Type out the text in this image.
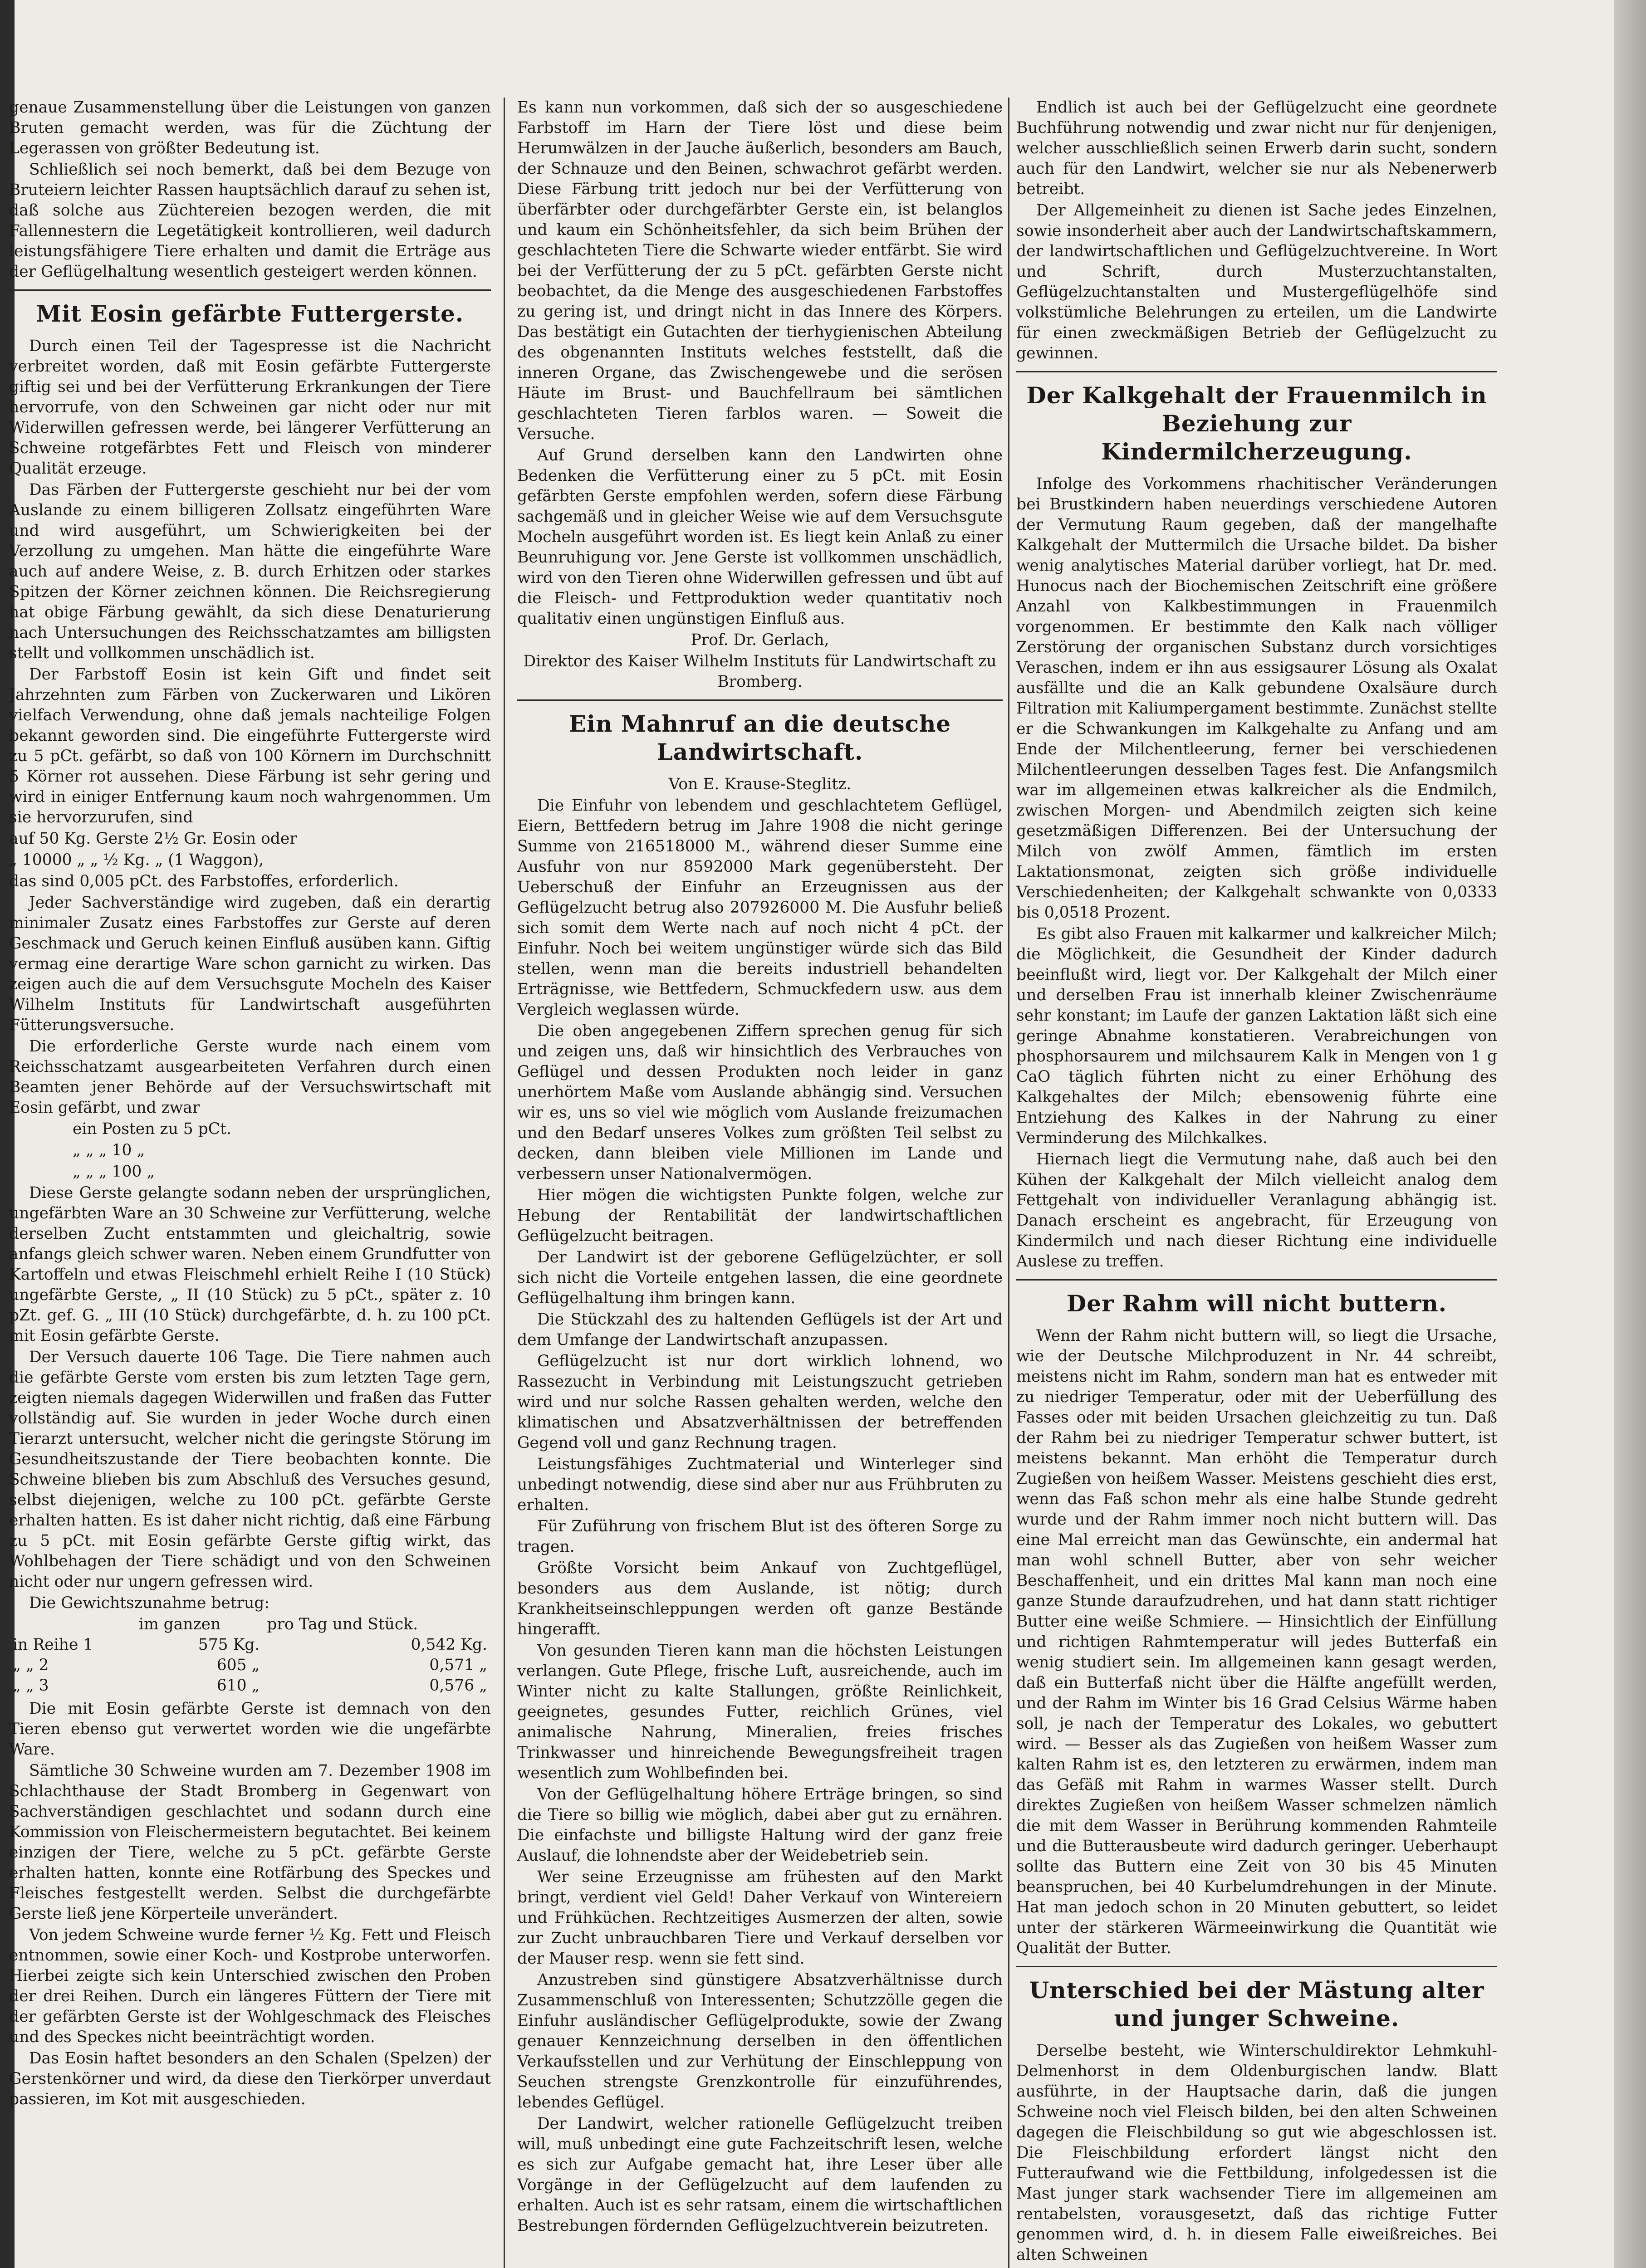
genaue Zusammenstellung über die Leistungen von ganzen Bruten gemacht werden, was für die Züchtung der Legerassen von größter Bedeutung ist.

Schließlich sei noch bemerkt, daß bei dem Bezuge von Bruteiern leichter Rassen hauptsächlich darauf zu sehen ist, daß solche aus Züchtereien bezogen werden, die mit Fallennestern die Legetätigkeit kontrollieren, weil dadurch leistungsfähigere Tiere erhalten und damit die Erträge aus der Geflügelhaltung wesentlich gesteigert werden können.

Mit Eosin gefärbte Futtergerste.

Durch einen Teil der Tagespresse ist die Nachricht verbreitet worden, daß mit Eosin gefärbte Futtergerste giftig sei und bei der Verfütterung Erkrankungen der Tiere hervorrufe, von den Schweinen gar nicht oder nur mit Widerwillen gefressen werde, bei längerer Verfütterung an Schweine rotgefärbtes Fett und Fleisch von minderer Qualität erzeuge.

Das Färben der Futtergerste geschieht nur bei der vom Auslande zu einem billigeren Zollsatz eingeführten Ware und wird ausgeführt, um Schwierigkeiten bei der Verzollung zu umgehen. Man hätte die eingeführte Ware auch auf andere Weise, z. B. durch Erhitzen oder starkes Spitzen der Körner zeichnen können. Die Reichsregierung hat obige Färbung gewählt, da sich diese Denaturierung nach Untersuchungen des Reichsschatzamtes am billigsten stellt und vollkommen unschädlich ist.

Der Farbstoff Eosin ist kein Gift und findet seit Jahrzehnten zum Färben von Zuckerwaren und Likören vielfach Verwendung, ohne daß jemals nachteilige Folgen bekannt geworden sind. Die eingeführte Futtergerste wird zu 5 pCt. gefärbt, so daß von 100 Körnern im Durchschnitt 5 Körner rot aussehen. Diese Färbung ist sehr gering und wird in einiger Entfernung kaum noch wahrgenommen. Um sie hervorzurufen, sind

auf 50 Kg. Gerste 2½ Gr. Eosin oder

„ 10000 „ „ ½ Kg. „ (1 Waggon),

das sind 0,005 pCt. des Farbstoffes, erforderlich.

Jeder Sachverständige wird zugeben, daß ein derartig minimaler Zusatz eines Farbstoffes zur Gerste auf deren Geschmack und Geruch keinen Einfluß ausüben kann. Giftig vermag eine derartige Ware schon garnicht zu wirken. Das zeigen auch die auf dem Versuchsgute Mocheln des Kaiser Wilhelm Instituts für Landwirtschaft ausgeführten Fütterungsversuche.

Die erforderliche Gerste wurde nach einem vom Reichsschatzamt ausgearbeiteten Verfahren durch einen Beamten jener Behörde auf der Versuchswirtschaft mit Eosin gefärbt, und zwar

ein Posten zu 5 pCt.

„ „ „ 10 „

„ „ „ 100 „

Diese Gerste gelangte sodann neben der ursprünglichen, ungefärbten Ware an 30 Schweine zur Verfütterung, welche derselben Zucht entstammten und gleichaltrig, sowie anfangs gleich schwer waren. Neben einem Grundfutter von Kartoffeln und etwas Fleischmehl erhielt Reihe I (10 Stück) ungefärbte Gerste, „ II (10 Stück) zu 5 pCt., später z. 10 pZt. gef. G. „ III (10 Stück) durchgefärbte, d. h. zu 100 pCt. mit Eosin gefärbte Gerste.

Der Versuch dauerte 106 Tage. Die Tiere nahmen auch die gefärbte Gerste vom ersten bis zum letzten Tage gern, zeigten niemals dagegen Widerwillen und fraßen das Futter vollständig auf. Sie wurden in jeder Woche durch einen Tierarzt untersucht, welcher nicht die geringste Störung im Gesundheitszustande der Tiere beobachten konnte. Die Schweine blieben bis zum Abschluß des Versuches gesund, selbst diejenigen, welche zu 100 pCt. gefärbte Gerste erhalten hatten. Es ist daher nicht richtig, daß eine Färbung zu 5 pCt. mit Eosin gefärbte Gerste giftig wirkt, das Wohlbehagen der Tiere schädigt und von den Schweinen nicht oder nur ungern gefressen wird.

Die Gewichtszunahme betrug:

	im ganzen	pro Tag und Stück.
in Reihe 1	575 Kg.	0,542 Kg.
„ „ 2	605 „	0,571 „
„ „ 3	610 „	0,576 „

Die mit Eosin gefärbte Gerste ist demnach von den Tieren ebenso gut verwertet worden wie die ungefärbte Ware.

Sämtliche 30 Schweine wurden am 7. Dezember 1908 im Schlachthause der Stadt Bromberg in Gegenwart von Sachverständigen geschlachtet und sodann durch eine Kommission von Fleischermeistern begutachtet. Bei keinem einzigen der Tiere, welche zu 5 pCt. gefärbte Gerste erhalten hatten, konnte eine Rotfärbung des Speckes und Fleisches festgestellt werden. Selbst die durchgefärbte Gerste ließ jene Körperteile unverändert.

Von jedem Schweine wurde ferner ½ Kg. Fett und Fleisch entnommen, sowie einer Koch- und Kostprobe unterworfen. Hierbei zeigte sich kein Unterschied zwischen den Proben der drei Reihen. Durch ein längeres Füttern der Tiere mit der gefärbten Gerste ist der Wohlgeschmack des Fleisches und des Speckes nicht beeinträchtigt worden.

Das Eosin haftet besonders an den Schalen (Spelzen) der Gerstenkörner und wird, da diese den Tierkörper unverdaut passieren, im Kot mit ausgeschieden.

Es kann nun vorkommen, daß sich der so ausgeschiedene Farbstoff im Harn der Tiere löst und diese beim Herumwälzen in der Jauche äußerlich, besonders am Bauch, der Schnauze und den Beinen, schwachrot gefärbt werden. Diese Färbung tritt jedoch nur bei der Verfütterung von überfärbter oder durchgefärbter Gerste ein, ist belanglos und kaum ein Schönheitsfehler, da sich beim Brühen der geschlachteten Tiere die Schwarte wieder entfärbt. Sie wird bei der Verfütterung der zu 5 pCt. gefärbten Gerste nicht beobachtet, da die Menge des ausgeschiedenen Farbstoffes zu gering ist, und dringt nicht in das Innere des Körpers. Das bestätigt ein Gutachten der tierhygienischen Abteilung des obgenannten Instituts welches feststellt, daß die inneren Organe, das Zwischengewebe und die serösen Häute im Brust- und Bauchfellraum bei sämtlichen geschlachteten Tieren farblos waren. — Soweit die Versuche.

Auf Grund derselben kann den Landwirten ohne Bedenken die Verfütterung einer zu 5 pCt. mit Eosin gefärbten Gerste empfohlen werden, sofern diese Färbung sachgemäß und in gleicher Weise wie auf dem Versuchsgute Mocheln ausgeführt worden ist. Es liegt kein Anlaß zu einer Beunruhigung vor. Jene Gerste ist vollkommen unschädlich, wird von den Tieren ohne Widerwillen gefressen und übt auf die Fleisch- und Fettproduktion weder quantitativ noch qualitativ einen ungünstigen Einfluß aus.

Prof. Dr. Gerlach,

Direktor des Kaiser Wilhelm Instituts für Landwirtschaft zu Bromberg.

Ein Mahnruf an die deutsche Landwirtschaft.

Von E. Krause-Steglitz.

Die Einfuhr von lebendem und geschlachtetem Geflügel, Eiern, Bettfedern betrug im Jahre 1908 die nicht geringe Summe von 216518000 M., während dieser Summe eine Ausfuhr von nur 8592000 Mark gegenübersteht. Der Ueberschuß der Einfuhr an Erzeugnissen aus der Geflügelzucht betrug also 207926000 M. Die Ausfuhr beließ sich somit dem Werte nach auf noch nicht 4 pCt. der Einfuhr. Noch bei weitem ungünstiger würde sich das Bild stellen, wenn man die bereits industriell behandelten Erträgnisse, wie Bettfedern, Schmuckfedern usw. aus dem Vergleich weglassen würde.

Die oben angegebenen Ziffern sprechen genug für sich und zeigen uns, daß wir hinsichtlich des Verbrauches von Geflügel und dessen Produkten noch leider in ganz unerhörtem Maße vom Auslande abhängig sind. Versuchen wir es, uns so viel wie möglich vom Auslande freizumachen und den Bedarf unseres Volkes zum größten Teil selbst zu decken, dann bleiben viele Millionen im Lande und verbessern unser Nationalvermögen.

Hier mögen die wichtigsten Punkte folgen, welche zur Hebung der Rentabilität der landwirtschaftlichen Geflügelzucht beitragen.

Der Landwirt ist der geborene Geflügelzüchter, er soll sich nicht die Vorteile entgehen lassen, die eine geordnete Geflügelhaltung ihm bringen kann.

Die Stückzahl des zu haltenden Geflügels ist der Art und dem Umfange der Landwirtschaft anzupassen.

Geflügelzucht ist nur dort wirklich lohnend, wo Rassezucht in Verbindung mit Leistungszucht getrieben wird und nur solche Rassen gehalten werden, welche den klimatischen und Absatzverhältnissen der betreffenden Gegend voll und ganz Rechnung tragen.

Leistungsfähiges Zuchtmaterial und Winterleger sind unbedingt notwendig, diese sind aber nur aus Frühbruten zu erhalten.

Für Zuführung von frischem Blut ist des öfteren Sorge zu tragen.

Größte Vorsicht beim Ankauf von Zuchtgeflügel, besonders aus dem Auslande, ist nötig; durch Krankheitseinschleppungen werden oft ganze Bestände hingerafft.

Von gesunden Tieren kann man die höchsten Leistungen verlangen. Gute Pflege, frische Luft, ausreichende, auch im Winter nicht zu kalte Stallungen, größte Reinlichkeit, geeignetes, gesundes Futter, reichlich Grünes, viel animalische Nahrung, Mineralien, freies frisches Trinkwasser und hinreichende Bewegungsfreiheit tragen wesentlich zum Wohlbefinden bei.

Von der Geflügelhaltung höhere Erträge bringen, so sind die Tiere so billig wie möglich, dabei aber gut zu ernähren. Die einfachste und billigste Haltung wird der ganz freie Auslauf, die lohnendste aber der Weidebetrieb sein.

Wer seine Erzeugnisse am frühesten auf den Markt bringt, verdient viel Geld! Daher Verkauf von Wintereiern und Frühküchen. Rechtzeitiges Ausmerzen der alten, sowie zur Zucht unbrauchbaren Tiere und Verkauf derselben vor der Mauser resp. wenn sie fett sind.

Anzustreben sind günstigere Absatzverhältnisse durch Zusammenschluß von Interessenten; Schutzzölle gegen die Einfuhr ausländischer Geflügelprodukte, sowie der Zwang genauer Kennzeichnung derselben in den öffentlichen Verkaufsstellen und zur Verhütung der Einschleppung von Seuchen strengste Grenzkontrolle für einzuführendes, lebendes Geflügel.

Der Landwirt, welcher rationelle Geflügelzucht treiben will, muß unbedingt eine gute Fachzeitschrift lesen, welche es sich zur Aufgabe gemacht hat, ihre Leser über alle Vorgänge in der Geflügelzucht auf dem laufenden zu erhalten. Auch ist es sehr ratsam, einem die wirtschaftlichen Bestrebungen fördernden Geflügelzuchtverein beizutreten.

Endlich ist auch bei der Geflügelzucht eine geordnete Buchführung notwendig und zwar nicht nur für denjenigen, welcher ausschließlich seinen Erwerb darin sucht, sondern auch für den Landwirt, welcher sie nur als Nebenerwerb betreibt.

Der Allgemeinheit zu dienen ist Sache jedes Einzelnen, sowie insonderheit aber auch der Landwirtschaftskammern, der landwirtschaftlichen und Geflügelzuchtvereine. In Wort und Schrift, durch Musterzuchtanstalten, Geflügelzuchtanstalten und Mustergeflügelhöfe sind volkstümliche Belehrungen zu erteilen, um die Landwirte für einen zweckmäßigen Betrieb der Geflügelzucht zu gewinnen.

Der Kalkgehalt der Frauenmilch in Beziehung zur Kindermilcherzeugung.

Infolge des Vorkommens rhachitischer Veränderungen bei Brustkindern haben neuerdings verschiedene Autoren der Vermutung Raum gegeben, daß der mangelhafte Kalkgehalt der Muttermilch die Ursache bildet. Da bisher wenig analytisches Material darüber vorliegt, hat Dr. med. Hunocus nach der Biochemischen Zeitschrift eine größere Anzahl von Kalkbestimmungen in Frauenmilch vorgenommen. Er bestimmte den Kalk nach völliger Zerstörung der organischen Substanz durch vorsichtiges Veraschen, indem er ihn aus essigsaurer Lösung als Oxalat ausfällte und die an Kalk gebundene Oxalsäure durch Filtration mit Kaliumpergament bestimmte. Zunächst stellte er die Schwankungen im Kalkgehalte zu Anfang und am Ende der Milchentleerung, ferner bei verschiedenen Milchentleerungen desselben Tages fest. Die Anfangsmilch war im allgemeinen etwas kalkreicher als die Endmilch, zwischen Morgen- und Abendmilch zeigten sich keine gesetzmäßigen Differenzen. Bei der Untersuchung der Milch von zwölf Ammen, fämtlich im ersten Laktationsmonat, zeigten sich größe individuelle Verschiedenheiten; der Kalkgehalt schwankte von 0,0333 bis 0,0518 Prozent.

Es gibt also Frauen mit kalkarmer und kalkreicher Milch; die Möglichkeit, die Gesundheit der Kinder dadurch beeinflußt wird, liegt vor. Der Kalkgehalt der Milch einer und derselben Frau ist innerhalb kleiner Zwischenräume sehr konstant; im Laufe der ganzen Laktation läßt sich eine geringe Abnahme konstatieren. Verabreichungen von phosphorsaurem und milchsaurem Kalk in Mengen von 1 g CaO täglich führten nicht zu einer Erhöhung des Kalkgehaltes der Milch; ebensowenig führte eine Entziehung des Kalkes in der Nahrung zu einer Verminderung des Milchkalkes.

Hiernach liegt die Vermutung nahe, daß auch bei den Kühen der Kalkgehalt der Milch vielleicht analog dem Fettgehalt von individueller Veranlagung abhängig ist. Danach erscheint es angebracht, für Erzeugung von Kindermilch und nach dieser Richtung eine individuelle Auslese zu treffen.

Der Rahm will nicht buttern.

Wenn der Rahm nicht buttern will, so liegt die Ursache, wie der Deutsche Milchproduzent in Nr. 44 schreibt, meistens nicht im Rahm, sondern man hat es entweder mit zu niedriger Temperatur, oder mit der Ueberfüllung des Fasses oder mit beiden Ursachen gleichzeitig zu tun. Daß der Rahm bei zu niedriger Temperatur schwer buttert, ist meistens bekannt. Man erhöht die Temperatur durch Zugießen von heißem Wasser. Meistens geschieht dies erst, wenn das Faß schon mehr als eine halbe Stunde gedreht wurde und der Rahm immer noch nicht buttern will. Das eine Mal erreicht man das Gewünschte, ein andermal hat man wohl schnell Butter, aber von sehr weicher Beschaffenheit, und ein drittes Mal kann man noch eine ganze Stunde daraufzudrehen, und hat dann statt richtiger Butter eine weiße Schmiere. — Hinsichtlich der Einfüllung und richtigen Rahmtemperatur will jedes Butterfaß ein wenig studiert sein. Im allgemeinen kann gesagt werden, daß ein Butterfaß nicht über die Hälfte angefüllt werden, und der Rahm im Winter bis 16 Grad Celsius Wärme haben soll, je nach der Temperatur des Lokales, wo gebuttert wird. — Besser als das Zugießen von heißem Wasser zum kalten Rahm ist es, den letzteren zu erwärmen, indem man das Gefäß mit Rahm in warmes Wasser stellt. Durch direktes Zugießen von heißem Wasser schmelzen nämlich die mit dem Wasser in Berührung kommenden Rahmteile und die Butterausbeute wird dadurch geringer. Ueberhaupt sollte das Buttern eine Zeit von 30 bis 45 Minuten beanspruchen, bei 40 Kurbelumdrehungen in der Minute. Hat man jedoch schon in 20 Minuten gebuttert, so leidet unter der stärkeren Wärmeeinwirkung die Quantität wie Qualität der Butter.

Unterschied bei der Mästung alter und junger Schweine.

Derselbe besteht, wie Winterschuldirektor Lehmkuhl-Delmenhorst in dem Oldenburgischen landw. Blatt ausführte, in der Hauptsache darin, daß die jungen Schweine noch viel Fleisch bilden, bei den alten Schweinen dagegen die Fleischbildung so gut wie abgeschlossen ist. Die Fleischbildung erfordert längst nicht den Futteraufwand wie die Fettbildung, infolgedessen ist die Mast junger stark wachsender Tiere im allgemeinen am rentabelsten, vorausgesetzt, daß das richtige Futter genommen wird, d. h. in diesem Falle eiweißreiches. Bei alten Schweinen
